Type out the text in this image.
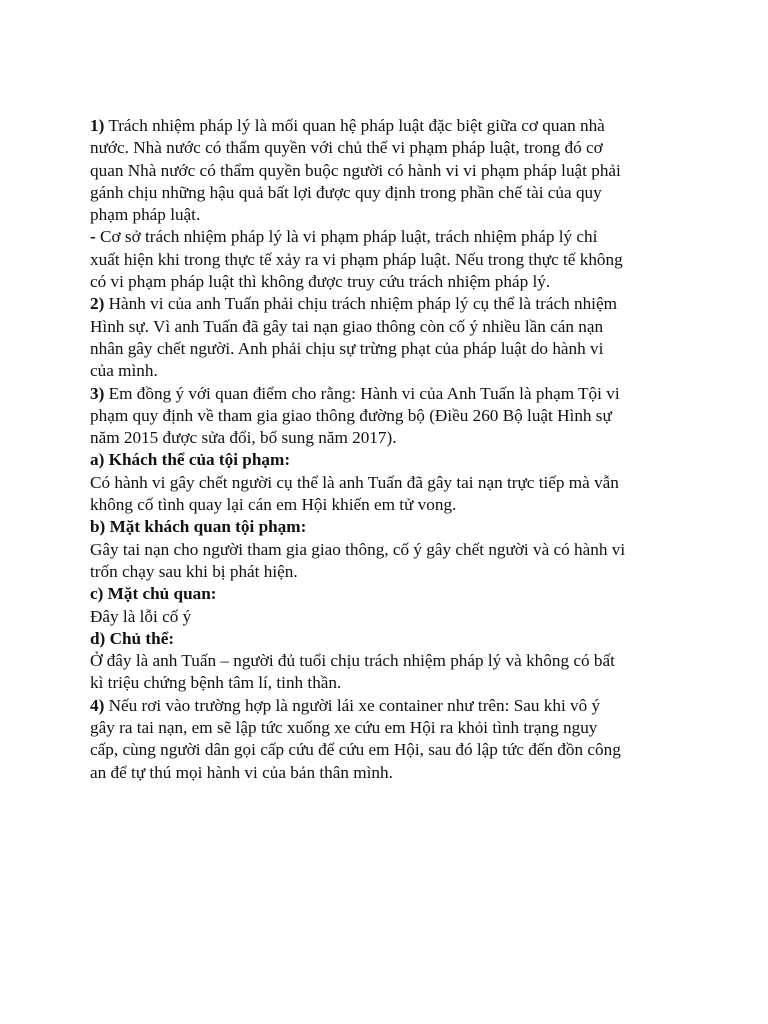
1) Trách nhiệm pháp lý là mối quan hệ pháp luật đặc biệt giữa cơ quan nhà
nước. Nhà nước có thẩm quyền với chủ thể vi phạm pháp luật, trong đó cơ
quan Nhà nước có thẩm quyền buộc người có hành vi vi phạm pháp luật phải
gánh chịu những hậu quả bất lợi được quy định trong phần chế tài của quy
phạm pháp luật.
- Cơ sở trách nhiệm pháp lý là vi phạm pháp luật, trách nhiệm pháp lý chỉ
xuất hiện khi trong thực tế xảy ra vi phạm pháp luật. Nếu trong thực tế không
có vi phạm pháp luật thì không được truy cứu trách nhiệm pháp lý.
2) Hành vi của anh Tuấn phải chịu trách nhiệm pháp lý cụ thể là trách nhiệm
Hình sự. Vì anh Tuấn đã gây tai nạn giao thông còn cố ý nhiều lần cán nạn
nhân gây chết người. Anh phải chịu sự trừng phạt của pháp luật do hành vi
của mình.
3) Em đồng ý với quan điểm cho rằng: Hành vi của Anh Tuấn là phạm Tội vi
phạm quy định về tham gia giao thông đường bộ (Điều 260 Bộ luật Hình sự
năm 2015 được sửa đổi, bổ sung năm 2017).
a) Khách thể của tội phạm:
Có hành vi gây chết người cụ thể là anh Tuấn đã gây tai nạn trực tiếp mà vẫn
không cố tình quay lại cán em Hội khiến em tử vong.
b) Mặt khách quan tội phạm:
Gây tai nạn cho người tham gia giao thông, cố ý gây chết người và có hành vi
trốn chạy sau khi bị phát hiện.
c) Mặt chủ quan:
Đây là lỗi cố ý
d) Chủ thể:
Ở đây là anh Tuấn – người đủ tuổi chịu trách nhiệm pháp lý và không có bất
kì triệu chứng bệnh tâm lí, tinh thần.
4) Nếu rơi vào trường hợp là người lái xe container như trên: Sau khi vô ý
gây ra tai nạn, em sẽ lập tức xuống xe cứu em Hội ra khỏi tình trạng nguy
cấp, cùng người dân gọi cấp cứu để cứu em Hội, sau đó lập tức đến đồn công
an để tự thú mọi hành vi của bản thân mình.
